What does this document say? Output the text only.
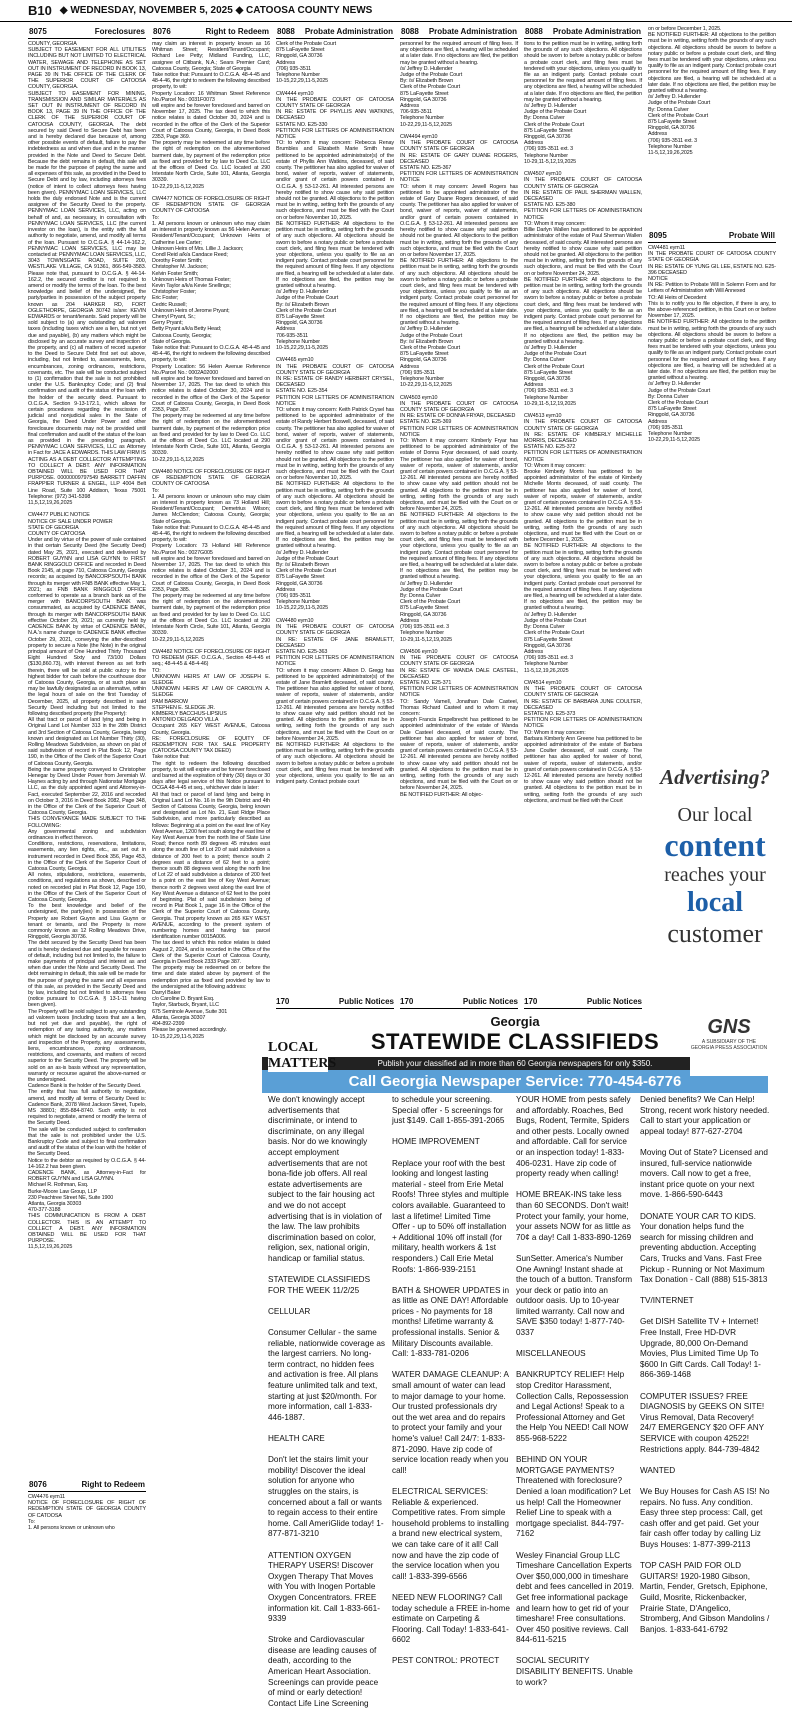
B10 ◆ WEDNESDAY, NOVEMBER 5, 2025 ◆ CATOOSA COUNTY NEWS
8075	Foreclosures
COUNTY, GEORGIA
SUBJECT TO EASEMENT FOR ALL UTILITIES INCLUDING BUT NOT LIMITED TO ELECTRICAL WATER, SEWAGE AND TELEPHONE AS SET OUT IN INSTRUMENT OF RECORD IN BOOK 13, PAGE 39 IN THE OFFICE OF THE CLERK OF THE SUPERIOR COURT OF CATOOSA COUNTY, GEORGIA.
SUBJECT TO EASEMENT FOR MINING, TRANSMISSION AND SIMILAR MATERIALS AS SET OUT IN INSTRUMENT OF RECORD IN BOOK 13, PAGE 39 IN THE OFFICE OF THE CLERK OF THE SUPERIOR COURT OF CATOOSA COUNTY, GEORGIA. The debt secured by said Deed to Secure Debt has been and is hereby declared due because of, among other possible events of default, failure to pay the indebtedness as and when due and in the manner provided in the Note and Deed to Secure Debt. Because the debt remains in default, this sale will be made for the purpose of paying the same and all expenses of this sale, as provided in the Deed to Secure Debt and by law, including attorneys fees (notice of intent to collect attorneys fees having been given). PENNYMAC LOAN SERVICES, LLC holds the duly endorsed Note and is the current assignee of the Security Deed to the property. PENNYMAC LOAN SERVICES, LLC, acting on behalf of and, as necessary, in consultation with PENNYMAC LOAN SERVICES, LLC (the current investor on the loan), is the entity with the full authority to negotiate, amend, and modify all terms of the loan. Pursuant to O.C.G.A. § 44-14-162.2, PENNYMAC LOAN SERVICES, LLC may be contacted at: PENNYMAC LOAN SERVICES, LLC, 3043 TOWNSGATE ROAD, SUITE 200, WESTLAKE VILLAGE, CA 91361, 866-549-3583. Please note that, pursuant to O.C.G.A. § 44-14-162.2, the secured creditor is not required to amend or modify the terms of the loan. To the best knowledge and belief of the undersigned, the party/parties in possession of the subject property known as 204 HARKER RD, FORT OGLETHORPE, GEORGIA 30742 is/are: KEVIN EDWARDS or tenant/tenants. Said property will be sold subject to (a) any outstanding ad valorem taxes (including taxes which are a lien, but not yet due and payable), (b) any matters which might be disclosed by an accurate survey and inspection of the property, and (c) all matters of record superior to the Deed to Secure Debt first set out above, including, but not limited to, assessments, liens, encumbrances, zoning ordinances, restrictions, covenants, etc. The sale will be conducted subject to (1) confirmation that the sale is not prohibited under the U.S. Bankruptcy Code; and (2) final confirmation and audit of the status of the loan with the holder of the security deed. Pursuant to O.C.G.A. Section 9-13-172.1, which allows for certain procedures regarding the rescission of judicial and nonjudicial sales in the State of Georgia, the Deed Under Power and other foreclosure documents may not be provided until final confirmation and audit of the status of the loan as provided in the preceding paragraph. PENNYMAC LOAN SERVICES, LLC as Attorney in Fact for JACE A EDWARDS. THIS LAW FIRM IS ACTING AS A DEBT COLLECTOR ATTEMPTING TO COLLECT A DEBT. ANY INFORMATION OBTAINED WILL BE USED FOR THAT PURPOSE. 00000009797549 BARRETT DAFFIN FRAPPIER TURNER & ENGEL, LLP 4004 Belt Line Road, Suite 100 Addison, Texas 75001 Telephone: (972) 341-5398
11,5,12,19,26,2025

CW4477 PUBLIC NOTICE
NOTICE OF SALE UNDER POWER
STATE OF GEORGIA
COUNTY OF CATOOSA
Under and by virtue of the power of sale contained in that certain Security Deed (the Security Deed) dated May 25, 2021, executed and delivered by ROBERT GUYNN and LISA GUYNN to FIRST BANK RINGGOLD OFFICE and recorded in Deed Book 2145, at page 710, Catoosa County, Georgia records; as acquired by BANCORPSOUTH BANK through its merger with FNB BANK effective May 1, 2021; as FNB BANK RINGGOLD OFFICE conformed to operate as a branch bank as of the merger with BANCORPSOUTH BANK was consummated, as acquired by CADENCE BANK, through its merger with BANCORPSOUTH BANK effective October 29, 2021; as currently held by CADENCE BANK by virtue of CADENCE BANK, N.A.'s name change to CADENCE BANK effective October 29, 2021, conveying the after-described property to secure a Note (the Note) in the original principal amount of One Hundred Thirty Thousand Eight Hundred Sixty and 73/100 Dollars ($130,860.73), with interest thereon as set forth therein, there will be sold at public outcry to the highest bidder for cash before the courthouse door of Catoosa County, Georgia, or at such place as may be lawfully designated as an alternative, within the legal hours of sale on the first Tuesday of December, 2025, all property described in said Security Deed including but not limited to the following described property (the Property):
All that tract or parcel of land lying and being in Original Land Lot Number 313 in the 28th District and 3rd Section of Catoosa County, Georgia, being known and designated as Lot Number Thirty (30), Rolling Meadows Subdivision, as shown on plat of said subdivision of record in Plat Book 12, Page 190, in the Office of the Clerk of the Superior Court of Catoosa County, Georgia.
Being the same property conveyed to Christopher Henegar by Deed Under Power from Jeremiah W. Haynes acting by and through Nationstar Mortgage LLC, as the duly appointed agent and Attorney-in-Fact, executed September 22, 2016 and recorded on October 3, 2016 in Deed Book 2082, Page 348, in the Office of the Clerk of the Superior Court of Catoosa County, Georgia.
THIS CONVEYANCE MADE SUBJECT TO THE FOLLOWING:
Any governmental zoning and subdivision ordinances in effect thereon.
Conditions, restrictions, reservations, limitations, easements, any lien rights, etc., as set out in instrument recorded in Deed Book 356, Page 453, in the Office of the Clerk of the Superior Court of Catoosa County, Georgia.
All notes, stipulations, restrictions, easements, conditions, and regulations as shown, described or noted on recorded plat in Plat Book 12, Page 190, in the Office of the Clerk of the Superior Court of Catoosa County, Georgia.
To the best knowledge and belief of the undersigned, the party(ies) in possession of the Property are Robert Guynn and Lisa Guynn or tenant or tenants, and the Property is more commonly known as 12 Rolling Meadows Drive, Ringgold, Georgia 30736.
The debt secured by the Security Deed has been and is hereby declared due and payable for reason of default, including but not limited to, the failure to make payments of principal and interest as and when due under the Note and Security Deed. The debt remaining in default, this sale will be made for the purpose of paying the same and all expenses of this sale, as provided in the Security Deed and by law, including but not limited to attorneys fees (notice pursuant to O.C.G.A. § 13-1-11 having been given).
The Property will be sold subject to any outstanding ad valorem taxes (including taxes that are a lien, but not yet due and payable), the right of redemption of any taxing authority, any matters which might be disclosed by an accurate survey and inspection of the Property, any assessments, liens, encumbrances, zoning ordinances, restrictions, and covenants, and matters of record superior to the Security Deed. The property will be sold on an as-is basis without any representation, warranty or recourse against the above-named or the undersigned.
Cadence Bank is the holder of the Security Deed.
The entity that has full authority to negotiate, amend, and modify all terms of Security Deed is: Cadence Bank, 2078 West Jackson Street, Tupelo, MS 38801; 855-884-8740. Such entity is not required to negotiate, amend or modify the terms of the Security Deed.
The sale will be conducted subject to confirmation that the sale is not prohibited under the U.S. Bankruptcy Code and subject to final confirmation and audit of the status of the loan with the holder of the Security Deed.
Notice to the debtor as required by O.C.G.A. § 44-14-162.2 has been given.
CADENCE BANK, as Attorney-in-Fact for ROBERT GUYNN and LISA GUYNN.
Michael R. Rothman, Esq.
Burke-Moore Law Group, LLP
230 Peachtree Street NE, Suite 1900
Atlanta, Georgia 30303
470-377-3188
THIS COMMUNICATION IS FROM A DEBT COLLECTOR. THIS IS AN ATTEMPT TO COLLECT A DEBT. ANY INFORMATION OBTAINED WILL BE USED FOR THAT PURPOSE.
11,5,12,19,26,2025
8076	Right to Redeem
CW4476 eym11
NOTICE OF FORECLOSURE OF RIGHT OF REDEMPTION STATE OF GEORGIA COUNTY OF CATOOSA
To:
1. All persons known or unknown who
8076	Right to Redeem
may claim an interest in property known as 16 Whitman Street; Resident/Tenant/Occupant; Richard Lee Petty; Midland Funding, LLC, assignee of Citibank, N.A.; Sears Premier Card; Catoosa County, Georgia; State of Georgia
Take notice that: Pursuant to O.C.G.A. 48-4-45 and 48-4-46, the right to redeem the following described property, to wit:
Property Location: 16 Whitman Street Reference No./Parcel No.: 0031F0073
will expire and be forever foreclosed and barred on November 17, 2025. The tax deed to which this notice relates is dated October 30, 2024 and is recorded in the office of the Clerk of the Superior Court of Catoosa County, Georgia, in Deed Book 2353, Page 369.
The property may be redeemed at any time before the right of redemption on the aforementioned barment date, by payment of the redemption price as fixed and provided for by law to Deed Co. LLC at the offices of Deed Co. LLC located at 290 Interstate North Circle, Suite 101, Atlanta, Georgia 30339.
10-22,29,11-5,12,2025

CW4477 NOTICE OF FORECLOSURE OF RIGHT OF REDEMPTION STATE OF GEORGIA COUNTY OF CATOOSA
To:
1. All persons known or unknown who may claim an interest in property known as 56 Helen Avenue; Resident/Tenant/Occupant; Unknown Heirs of Catherine Lee Carter;
Unknown Heirs of Mrs. Lillie J. Jackson;
Condl Reid a/k/a Candace Reed;
Dorothy Foster Smith;
Christopher M. Jackson;
Kelvin Foster Smith;
Unknown Heirs of Thomas Foster;
Kevin Taylor a/k/a Kevie Snellings;
Christopher Foster;
Eric Foster;
Cedric Russell;
Unknown Heirs of Jerome Pryant;
Cherryl Pryant, Sr.;
Gerry Pryant;
Betty Pryant a/k/a Betty Head;
Catoosa County, Georgia;
State of Georgia.
Take notice that: Pursuant to O.C.G.A. 48-4-45 and 48-4-46, the right to redeem the following described property, to wit:
Property Location: 56 Helen Avenue Reference No./Parcel No.: 0002A02000
will expire and be forever foreclosed and barred on November 17, 2025. The tax deed to which this notice relates is dated October 30, 2024 and is recorded in the office of the Clerk of the Superior Court of Catoosa County, Georgia, in Deed Book 2353, Page 357.
The property may be redeemed at any time before the right of redemption on the aforementioned barment date, by payment of the redemption price as fixed and provided for by law to Deed Co. LLC at the offices of Deed Co. LLC located at 290 Interstate North Circle, Suite 101, Atlanta, Georgia 30339.
10-22,29,11-5,12,2025

CW4480 NOTICE OF FORECLOSURE OF RIGHT OF REDEMPTION STATE OF GEORGIA COUNTY OF CATOOSA
To:
1. All persons known or unknown who may claim an interest in property known as 73 Holland Hill; Resident/Tenant/Occupant; Demetrius Wilson; James McClendon; Catoosa County, Georgia; State of Georgia.
Take notice that: Pursuant to O.C.G.A. 48-4-45 and 48-4-46, the right to redeem the following described property, to wit:
Property Location: 73 Holland Hill Reference No./Parcel No.: 0027G005
will expire and be forever foreclosed and barred on November 17, 2025. The tax deed to which this notice relates is dated October 31, 2024 and is recorded in the office of the Clerk of the Superior Court of Catoosa County, Georgia, in Deed Book 2353, Page 385.
The property may be redeemed at any time before the right of redemption on the aforementioned barment date, by payment of the redemption price as fixed and provided for by law to Deed Co. LLC at the offices of Deed Co. LLC located at 290 Interstate North Circle, Suite 101, Atlanta, Georgia 30339.
10-22,29,11-5,12,2025

CW4482 NOTICE OF FORECLOSURE OF RIGHT TO REDEEM (REF. O.C.G.A., Section 48-4-45 et seq.; 48-4-45 & 48-4-46)
TO:
UNKNOWN HEIRS AT LAW OF JOSEPH E. SLEDGE
UNKNOWN HEIRS AT LAW OF CAROLYN A. SLEDGE
PAM BARROW
STEPHEN E. SLEDGE JR.
KIMBERLY BACCHUS-LIPSIUS
ANTONIO DELGADO VILLA
Occupant 265 KEY WEST AVENUE, Catoosa County, Georgia.
RE: FORECLOSURE OF EQUITY OF REDEMPTION FOR TAX SALE PROPERTY (CATOOSA COUNTY TAX DEED)
Take notice that:
The right to redeem the following described property, to wit will expire and be forever foreclosed and barred at the expiration of thirty (30) days or 30 days after legal service of this Notice pursuant to OCGA 48-4-45 et seq., whichever date is later:
All that tract or parcel of land lying and being in Original Land Lot No. 16 in the 9th District and 4th Section of Catoosa County, Georgia, being known and designated as Lot No. 21, East Ridge Place Subdivision, and more particularly described as follows: Beginning at a point on the east line of Key West Avenue, 1200 feet south along the east line of Key West Avenue from the north line of State Line Road; thence north 89 degrees 45 minutes east along the south line of Lot 20 of said subdivision a distance of 200 feet to a point; thence south 2 degrees east a distance of 62 feet to a point; thence south 88 degrees west along the north line of Lot 22 of said subdivision a distance of 200 feet to a point on the east line of Key West Avenue; thence north 2 degrees west along the east line of Key West Avenue a distance of 62 feet to the point of beginning. Plat of said subdivision being of record in Plat Book 1, page 16 in the Office of the Clerk of the Superior Court of Catoosa County, Georgia. That property known as 265 KEY WEST AVENUE, according to the present system of numbering homes and having tax parcel identification number 0015A006.
The tax deed to which this notice relates is dated August 2, 2024, and is recorded in the Office of the Clerk of the Superior Court of Catoosa County, Georgia in Deed Book 2333 Page 387.
The property may be redeemed on or before the time and date stated above by payment of the redemption price as fixed and provided by law to the undersigned at the following address:
Darryl Baker
c/o Caroline D. Bryant Esq.
Taylor, Starbuck, Bryant, LLC
675 Seminole Avenue, Suite 301
Atlanta, Georgia 30307
404-892-2399
Please be governed accordingly.
10-15,22,29,11-5,2025
8088 Probate Administration
Clerk of the Probate Court
875 LaFayette Street
Ringgold, GA 30736
Address
(706) 935-3511
Telephone Number
10-15,22,29,11-5,2025

CW4444 eym10
IN THE PROBATE COURT OF CATOOSA COUNTY STATE OF GEORGIA
IN RE: ESTATE OF PHYLLIS ANN WATKINS, DECEASED
ESTATE NO. E25-330
PETITION FOR LETTERS OF ADMINISTRATION NOTICE
TO: to whom it may concern: Rebecca Renay Brumbles and Elizabeth Marie Smith have petitioned to be appointed administrator(s) of the estate of Phyllis Ann Watkins, deceased, of said county. The petitioner has also applied for waiver of bond, waiver of reports, waiver of statements, and/or grant of certain powers contained in O.C.G.A. § 53-12-261. All interested persons are hereby notified to show cause why said petition should not be granted. All objections to the petition must be in writing, setting forth the grounds of any such objections, and must be filed with the Court on or before November 10, 2025.
BE NOTIFIED FURTHER: All objections to the petition must be in writing, setting forth the grounds of any such objections. All objections should be sworn to before a notary public or before a probate court clerk, and filing fees must be tendered with your objections, unless you qualify to file as an indigent party. Contact probate court personnel for the required amount of filing fees. If any objections are filed, a hearing will be scheduled at a later date. If no objections are filed, the petition may be granted without a hearing.
/s/ Jeffrey D. Hullender
Judge of the Probate Court
By: /s/ Elizabeth Brown
Clerk of the Probate Court
875 LaFayette Street
Ringgold, GA 30736
Address
706-935-3511
Telephone Number
10-15,22,29,11-5,2025

CW4465 eym10
IN THE PROBATE COURT OF CATOOSA COUNTY STATE OF GEORGIA
IN RE: ESTATE OF RANDY HERBERT CRYSEL, DECEASED
ESTATE NO. E25-354
PETITION FOR LETTERS OF ADMINISTRATION NOTICE
TO: whom it may concern: Keith Patrick Crysel has petitioned to be appointed administrator of the estate of Randy Herbert Boswell, deceased, of said county. The petitioner has also applied for waiver of bond, waiver of reports, waiver of statements, and/or grant of certain powers contained in O.C.G.A. § 53-12-261. All interested persons are hereby notified to show cause why said petition should not be granted. All objections to the petition must be in writing, setting forth the grounds of any such objections, and must be filed with the Court on or before November 10, 2025.
BE NOTIFIED FURTHER: All objections to the petition must be in writing, setting forth the grounds of any such objections. All objections should be sworn to before a notary public or before a probate court clerk, and filing fees must be tendered with your objections, unless you qualify to file as an indigent party. Contact probate court personnel for the required amount of filing fees. If any objections are filed, a hearing will be scheduled at a later date. If no objections are filed, the petition may be granted without a hearing.
/s/ Jeffrey D. Hullender
Judge of the Probate Court
By: /s/ Elizabeth Brown
Clerk of the Probate Court
875 LaFayette Street
Ringgold, GA 30736
Address
(706) 935-3511
Telephone Number
10-15,22,29,11-5,2025

CW4480 eym10
IN THE PROBATE COURT OF CATOOSA COUNTY STATE OF GEORGIA
IN RE: ESTATE OF JANE BRAMLETT, DECEASED
ESTATE NO. E25-363
PETITION FOR LETTERS OF ADMINISTRATION NOTICE
TO: whom it may concern: Allison D. Gregg has petitioned to be appointed administrator(s) of the estate of Jane Bramlett deceased, of said county. The petitioner has also applied for waiver of bond, waiver of reports, waiver of statements, and/or grant of certain powers contained in O.C.G.A. § 53-12-261. All interested persons are hereby notified to show cause why said petition should not be granted. All objections to the petition must be in writing, setting forth the grounds of any such objections, and must be filed with the Court on or before November 24, 2025.
BE NOTIFIED FURTHER: All objections to the petition must be in writing, setting forth the grounds of any such objections. All objections should be sworn to before a notary public or before a probate court clerk, and filing fees must be tendered with your objections, unless you qualify to file as an indigent party. Contact probate court
8088 Probate Administration
personnel for the required amount of filing fees. If any objections are filed, a hearing will be scheduled at a later date. If no objections are filed, the petition may be granted without a hearing.
/s/ Jeffrey D. Hullender
Judge of the Probate Court
By: /s/ Elizabeth Brown
Clerk of the Probate Court
875 LaFayette Street
Ringgold, GA 30736
Address
706-935-3511
Telephone Number
10-22,29,11-5,12,2025

CW4494 eym10
IN THE PROBATE COURT OF CATOOSA COUNTY STATE OF GEORGIA
IN RE: ESTATE OF GARY DUANE ROGERS, DECEASED
ESTATE NO. E25-367
PETITION FOR LETTERS OF ADMINISTRATION NOTICE
TO: whom it may concern: Jewell Rogers has petitioned to be appointed administrator of the estate of Gary Duane Rogers deceased, of said county. The petitioner has also applied for waiver of bond, waiver of reports, waiver of statements, and/or grant of certain powers contained in O.C.G.A. § 53-12-261. All interested persons are hereby notified to show cause why said petition should not be granted. All objections to the petition must be in writing, setting forth the grounds of any such objections, and must be filed with the Court on or before November 17, 2025.
BE NOTIFIED FURTHER: All objections to the petition must be in writing, setting forth the grounds of any such objections. All objections should be sworn to before a notary public or before a probate court clerk, and filing fees must be tendered with your objections, unless you qualify to file as an indigent party. Contact probate court personnel for the required amount of filing fees. If any objections are filed, a hearing will be scheduled at a later date. If no objections are filed, the petition may be granted without a hearing.
/s/ Jeffrey D. Hullender
Judge of the Probate Court
By: /s/ Elizabeth Brown
Clerk of the Probate Court
875 LaFayette Street
Ringgold, GA 30736
Address
(706) 935-3511
Telephone Number
10-22,29,11-5,12,2025

CW4503 eym10
IN THE PROBATE COURT OF CATOOSA COUNTY STATE OF GEORGIA
IN RE: ESTATE OF DONNA FRYAR, DECEASED
ESTATE NO. E25-369
PETITION FOR LETTERS OF ADMINISTRATION NOTICE
TO: Whom it may concern: Kimberly Fryar has petitioned to be appointed administrator of the estate of Donna Fryar deceased, of said county. The petitioner has also applied for waiver of bond, waiver of reports, waiver of statements, and/or grant of certain powers contained in O.C.G.A. § 53-12-261. All interested persons are hereby notified to show cause why said petition should not be granted. All objections to the petition must be in writing, setting forth the grounds of any such objections, and must be filed with the Court on or before November 24, 2025.
BE NOTIFIED FURTHER: All objections to the petition must be in writing, setting forth the grounds of any such objections. All objections should be sworn to before a notary public or before a probate court clerk, and filing fees must be tendered with your objections, unless you qualify to file as an indigent party. Contact probate court personnel for the required amount of filing fees. If any objections are filed, a hearing will be scheduled at a later date. If no objections are filed, the petition may be granted without a hearing.
/s/ Jeffrey D. Hullender
Judge of the Probate Court
By: Donna Culver
Clerk of the Probate Court
875 LaFayette Street
Ringgold, GA 30736
Address
(706) 935-3511 ext. 3
Telephone Number
10-29,11-5,12,19,2025

CW4506 eym10
IN THE PROBATE COURT OF CATOOSA COUNTY STATE OF GEORGIA
IN RE: ESTATE OF WANDA DALE CASTEEL, DECEASED
ESTATE NO. E25-371
PETITION FOR LETTERS OF ADMINISTRATION NOTICE
TO: Sandy Varnell, Jonathan Dale Casteel, Thomas Richard Casteel and to whom it may concern:
Joseph Francis Empelbrecht has petitioned to be appointed administrator of the estate of Wanda Dale Casteel deceased, of said county. The petitioner has also applied for waiver of bond, waiver of reports, waiver of statements, and/or grant of certain powers contained in O.C.G.A. § 53-12-261. All interested persons are hereby notified to show cause why said petition should not be granted. All objections to the petition must be in writing, setting forth the grounds of any such objections, and must be filed with the Court on or before November 24, 2025.
BE NOTIFIED FURTHER: All objec-
8088 Probate Administration
tions to the petition must be in writing, setting forth the grounds of any such objections. All objections should be sworn to before a notary public or before a probate court clerk, and filing fees must be tendered with your objections, unless you qualify to file as an indigent party. Contact probate court personnel for the required amount of filing fees. If any objections are filed, a hearing will be scheduled at a later date. If no objections are filed, the petition may be granted without a hearing.
/s/ Jeffrey D. Hullender
Judge of the Probate Court
By: Donna Culver
Clerk of the Probate Court
875 LaFayette Street
Ringgold, GA 30736
Address
(706) 935-3511 ext. 3
Telephone Number
10-29,11-5,12,19,2025

CW4507 eym10
IN THE PROBATE COURT OF CATOOSA COUNTY STATE OF GEORGIA
IN RE: ESTATE OF PAUL SHERMAN WALLEN, DECEASED
ESTATE NO. E25-380
PETITION FOR LETTERS OF ADMINISTRATION NOTICE
TO: Whom it may concern:
Billie Darlyn Wallen has petitioned to be appointed administrator of the estate of Paul Sherman Wallen deceased, of said county. All interested persons are hereby notified to show cause why said petition should not be granted. All objections to the petition must be in writing, setting forth the grounds of any such objections, and must be filed with the Court on or before November 24, 2025.
BE NOTIFIED FURTHER: All objections to the petition must be in writing, setting forth the grounds of any such objections. All objections should be sworn to before a notary public or before a probate court clerk, and filing fees must be tendered with your objections, unless you qualify to file as an indigent party. Contact probate court personnel for the required amount of filing fees. If any objections are filed, a hearing will be scheduled at a later date. If no objections are filed, the petition may be granted without a hearing.
/s/ Jeffrey D. Hullender
Judge of the Probate Court
By: Donna Culver
Clerk of the Probate Court
875 LaFayette Street
Ringgold, GA 30736
Address
(706) 935-3511 ext. 3
Telephone Number
10-29,11-5,12,19,2025

CW4513 eym10
IN THE PROBATE COURT OF CATOOSA COUNTY STATE OF GEORGIA
IN RE: ESTATE OF KIMBERLY MICHELLE MORRIS, DECEASED
ESTATE NO. E25-372
PETITION FOR LETTERS OF ADMINISTRATION NOTICE
TO: Whom it may concern:
Brooke Kimberly Morris has petitioned to be appointed administrator of the estate of Kimberly Michelle Morris deceased, of said county. The petitioner has also applied for waiver of bond, waiver of reports, waiver of statements, and/or grant of certain powers contained in O.C.G.A. § 53-12-261. All interested persons are hereby notified to show cause why said petition should not be granted. All objections to the petition must be in writing, setting forth the grounds of any such objections, and must be filed with the Court on or before December 1, 2025.
BE NOTIFIED FURTHER: All objections to the petition must be in writing, setting forth the grounds of any such objections. All objections should be sworn to before a notary public or before a probate court clerk, and filing fees must be tendered with your objections, unless you qualify to file as an indigent party. Contact probate court personnel for the required amount of filing fees. If any objections are filed, a hearing will be scheduled at a later date. If no objections are filed, the petition may be granted without a hearing.
/s/ Jeffrey D. Hullender
Judge of the Probate Court
By: Donna Culver
Clerk of the Probate Court
875 LaFayette Street
Ringgold, GA 30736
Address
(706) 935-3511 ext. 3
Telephone Number
11-5,12,19,26,2025

CW4514 eym10
IN THE PROBATE COURT OF CATOOSA COUNTY STATE OF GEORGIA
IN RE: ESTATE OF BARBARA JUNE COULTER, DECEASED
ESTATE NO. E25-373
PETITION FOR LETTERS OF ADMINISTRATION NOTICE
TO: Whom it may concern:
Barbara Kimberly Ann Greene has petitioned to be appointed administrator of the estate of Barbara June Coulter deceased, of said county. The petitioner has also applied for waiver of bond, waiver of reports, waiver of statements, and/or grant of certain powers contained in O.C.G.A. § 53-12-261. All interested persons are hereby notified to show cause why said petition should not be granted. All objections to the petition must be in writing, setting forth the grounds of any such objections, and must be filed with the Court
on or before December 1, 2025.
BE NOTIFIED FURTHER: All objections to the petition must be in writing, setting forth the grounds of any such objections. All objections should be sworn to before a notary public or before a probate court clerk, and filing fees must be tendered with your objections, unless you qualify to file as an indigent party. Contact probate court personnel for the required amount of filing fees. If any objections are filed, a hearing will be scheduled at a later date. If no objections are filed, the petition may be granted without a hearing.
/s/ Jeffrey D. Hullender
Judge of the Probate Court
By: Donna Culver
Clerk of the Probate Court
875 LaFayette Street
Ringgold, GA 30736
Address
(706) 935-3511 ext. 3
Telephone Number
11-5,12,19,26,2025
8095	Probate Will
CW4481 eym11
IN THE PROBATE COURT OF CATOOSA COUNTY STATE OF GEORGIA
IN RE: ESTATE OF YUNG GIL LEE, ESTATE NO. E25-396 DECEASED
NOTICE
IN RE: Petition to Probate Will in Solemn Form and for Letters of Administration with Will Annexed
TO: All Heirs of Decedent
This is to notify you to file objection, if there is any, to the above-referenced petition, in this Court on or before November 17, 2025.
BE NOTIFIED FURTHER: All objections to the petition must be in writing, setting forth the grounds of any such objections. All objections should be sworn to before a notary public or before a probate court clerk, and filing fees must be tendered with your objections, unless you qualify to file as an indigent party. Contact probate court personnel for the required amount of filing fees. If any objections are filed, a hearing will be scheduled at a later date. If no objections are filed, the petition may be granted without a hearing.
/s/ Jeffrey D. Hullender
Judge of the Probate Court
By: Donna Culver
Clerk of the Probate Court
875 LaFayette Street
Ringgold, GA 30736
Address
(706) 935-3511
Telephone Number
10-22,29,11-5,12,2025
Advertising?
Our local
content
reaches your
local
customer
170	Public Notices 170	Public Notices 170	Public Notices
Georgia
STATEWIDE CLASSIFIEDS
Publish your classified ad in more than 60 Georgia newspapers for only $350.
Call Georgia Newspaper Service: 770-454-6776
LOCAL MATTERS
GNS
A SUBSIDIARY OF THE GEORGIA PRESS ASSOCIATION
We don't knowingly accept advertisements that discriminate, or intend to discriminate, on any illegal basis. Nor do we knowingly accept employment advertisements that are not bona-fide job offers. All real estate advertisements are subject to the fair housing act and we do not accept advertising that is in violation of the law. The law prohibits discrimination based on color, religion, sex, national origin, handicap or familial status.

STATEWIDE CLASSIFIEDS FOR THE WEEK 11/2/25

CELLULAR

Consumer Cellular - the same reliable, nationwide coverage as the largest carriers. No long-term contract, no hidden fees and activation is free. All plans feature unlimited talk and text, starting at just $20/month. For more information, call 1-833-446-1887.

HEALTH CARE

Don't let the stairs limit your mobility! Discover the ideal solution for anyone who struggles on the stairs, is concerned about a fall or wants to regain access to their entire home. Call AmeriGlide today! 1-877-871-3210

ATTENTION OXYGEN THERAPY USERS! Discover Oxygen Therapy That Moves with You with Inogen Portable Oxygen Concentrators. FREE information kit. Call 1-833-661-9339

Stroke and Cardiovascular disease are leading causes of death, according to the American Heart Association. Screenings can provide peace of mind or early detection! Contact Life Line Screening
to schedule your screening. Special offer - 5 screenings for just $149. Call 1-855-391-2065

HOME IMPROVEMENT

Replace your roof with the best looking and longest lasting material - steel from Erie Metal Roofs! Three styles and multiple colors available. Guaranteed to last a lifetime! Limited Time Offer - up to 50% off installation + Additional 10% off install (for military, health workers & 1st responders.) Call Erie Metal Roofs: 1-866-939-2151

BATH & SHOWER UPDATES in as little as ONE DAY! Affordable prices - No payments for 18 months! Lifetime warranty & professional installs. Senior & Military Discounts available. Call: 1-833-781-0206

WATER DAMAGE CLEANUP: A small amount of water can lead to major damage to your home. Our trusted professionals dry out the wet area and do repairs to protect your family and your home's value! Call 24/7: 1-833-871-2090. Have zip code of service location ready when you call!

ELECTRICAL SERVICES: Reliable & experienced. Competitive rates. From simple household problems to installing a brand new electrical system, we can take care of it all! Call now and have the zip code of the service location when you call! 1-833-399-6566

NEED NEW FLOORING? Call today schedule a FREE in-home estimate on Carpeting & Flooring. Call Today! 1-833-641-6602

PEST CONTROL: PROTECT
YOUR HOME from pests safely and affordably. Roaches, Bed Bugs, Rodent, Termite, Spiders and other pests. Locally owned and affordable. Call for service or an inspection today! 1-833-406-0231. Have zip code of property ready when calling!

HOME BREAK-INS take less than 60 SECONDS. Don't wait! Protect your family, your home, your assets NOW for as little as 70¢ a day! Call 1-833-890-1269

SunSetter. America's Number One Awning! Instant shade at the touch of a button. Transform your deck or patio into an outdoor oasis. Up to 10-year limited warranty. Call now and SAVE $350 today! 1-877-740-0337

MISCELLANEOUS

BANKRUPTCY RELIEF! Help stop Creditor Harassment, Collection Calls, Repossession and Legal Actions! Speak to a Professional Attorney and Get the Help You NEED! Call NOW 855-968-5222

BEHIND ON YOUR MORTGAGE PAYMENTS? Threatened with foreclosure? Denied a loan modification? Let us help! Call the Homeowner Relief Line to speak with a mortgage specialist. 844-797-7162

Wesley Financial Group LLC Timeshare Cancellation Experts Over $50,000,000 in timeshare debt and fees cancelled in 2019. Get free informational package and learn how to get rid of your timeshare! Free consultations. Over 450 positive reviews. Call 844-611-5215

SOCIAL SECURITY DISABILITY BENEFITS. Unable to work?
Denied benefits? We Can Help! Strong, recent work history needed. Call to start your application or appeal today! 877-627-2704

Moving Out of State? Licensed and insured, full-service nationwide movers. Call now to get a free, instant price quote on your next move. 1-866-590-6443

DONATE YOUR CAR TO KIDS. Your donation helps fund the search for missing children and preventing abduction. Accepting Cars, Trucks and Vans. Fast Free Pickup - Running or Not Maximum Tax Donation - Call (888) 515-3813

TV/INTERNET

Get DISH Satellite TV + Internet! Free Install, Free HD-DVR Upgrade, 80,000 On-Demand Movies, Plus Limited Time Up To $600 In Gift Cards. Call Today! 1-866-369-1468

COMPUTER ISSUES? FREE DIAGNOSIS by GEEKS ON SITE! Virus Removal, Data Recovery! 24/7 EMERGENCY $20 OFF ANY SERVICE with coupon 42522! Restrictions apply. 844-739-4842

WANTED

We Buy Houses for Cash AS IS! No repairs. No fuss. Any condition. Easy three step process: Call, get cash offer and get paid. Get your fair cash offer today by calling Liz Buys Houses: 1-877-399-2113

TOP CASH PAID FOR OLD GUITARS! 1920-1980 Gibson, Martin, Fender, Gretsch, Epiphone, Guild, Mosrite, Rickenbacker, Prairie State, D'Angelico, Stromberg, And Gibson Mandolins / Banjos. 1-833-641-6792
